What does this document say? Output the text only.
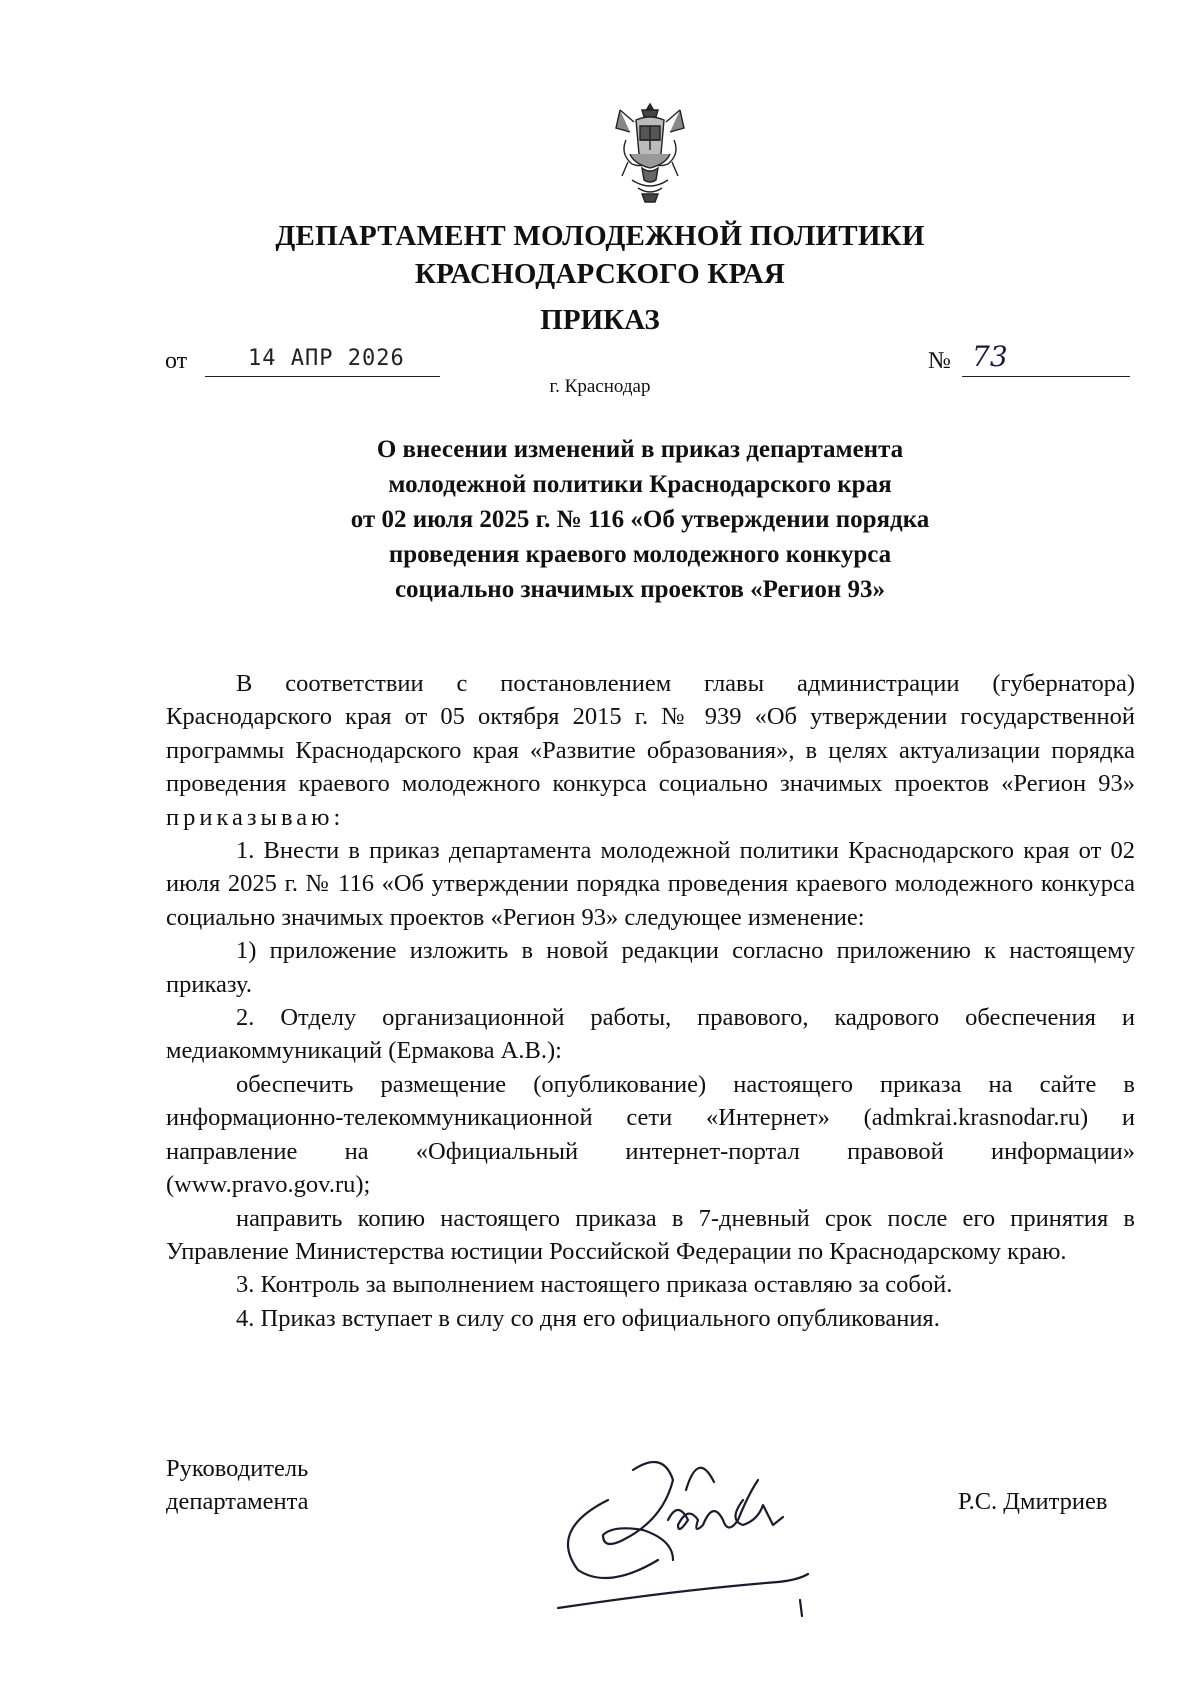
ДЕПАРТАМЕНТ МОЛОДЕЖНОЙ ПОЛИТИКИ
КРАСНОДАРСКОГО КРАЯ
ПРИКАЗ
от	14 АПР 2026	№ 73
г. Краснодар
О внесении изменений в приказ департамента
молодежной политики Краснодарского края
от 02 июля 2025 г. № 116 «Об утверждении порядка
проведения краевого молодежного конкурса
социально значимых проектов «Регион 93»

В соответствии с постановлением главы администрации (губернатора) Краснодарского края от 05 октября 2015 г. № 939 «Об утверждении государственной программы Краснодарского края «Развитие образования», в целях актуализации порядка проведения краевого молодежного конкурса социально значимых проектов «Регион 93» приказываю:

1. Внести в приказ департамента молодежной политики Краснодарского края от 02 июля 2025 г. № 116 «Об утверждении порядка проведения краевого молодежного конкурса социально значимых проектов «Регион 93» следующее изменение:

1) приложение изложить в новой редакции согласно приложению к настоящему приказу.

2. Отделу организационной работы, правового, кадрового обеспечения и медиакоммуникаций (Ермакова А.В.):

обеспечить размещение (опубликование) настоящего приказа на сайте в информационно-телекоммуникационной сети «Интернет» (admkrai.krasnodar.ru) и направление на «Официальный интернет-портал правовой информации» (www.pravo.gov.ru);

направить копию настоящего приказа в 7-дневный срок после его принятия в Управление Министерства юстиции Российской Федерации по Краснодарскому краю.

3. Контроль за выполнением настоящего приказа оставляю за собой.

4. Приказ вступает в силу со дня его официального опубликования.

Руководитель
департамента	Р.С. Дмитриев
